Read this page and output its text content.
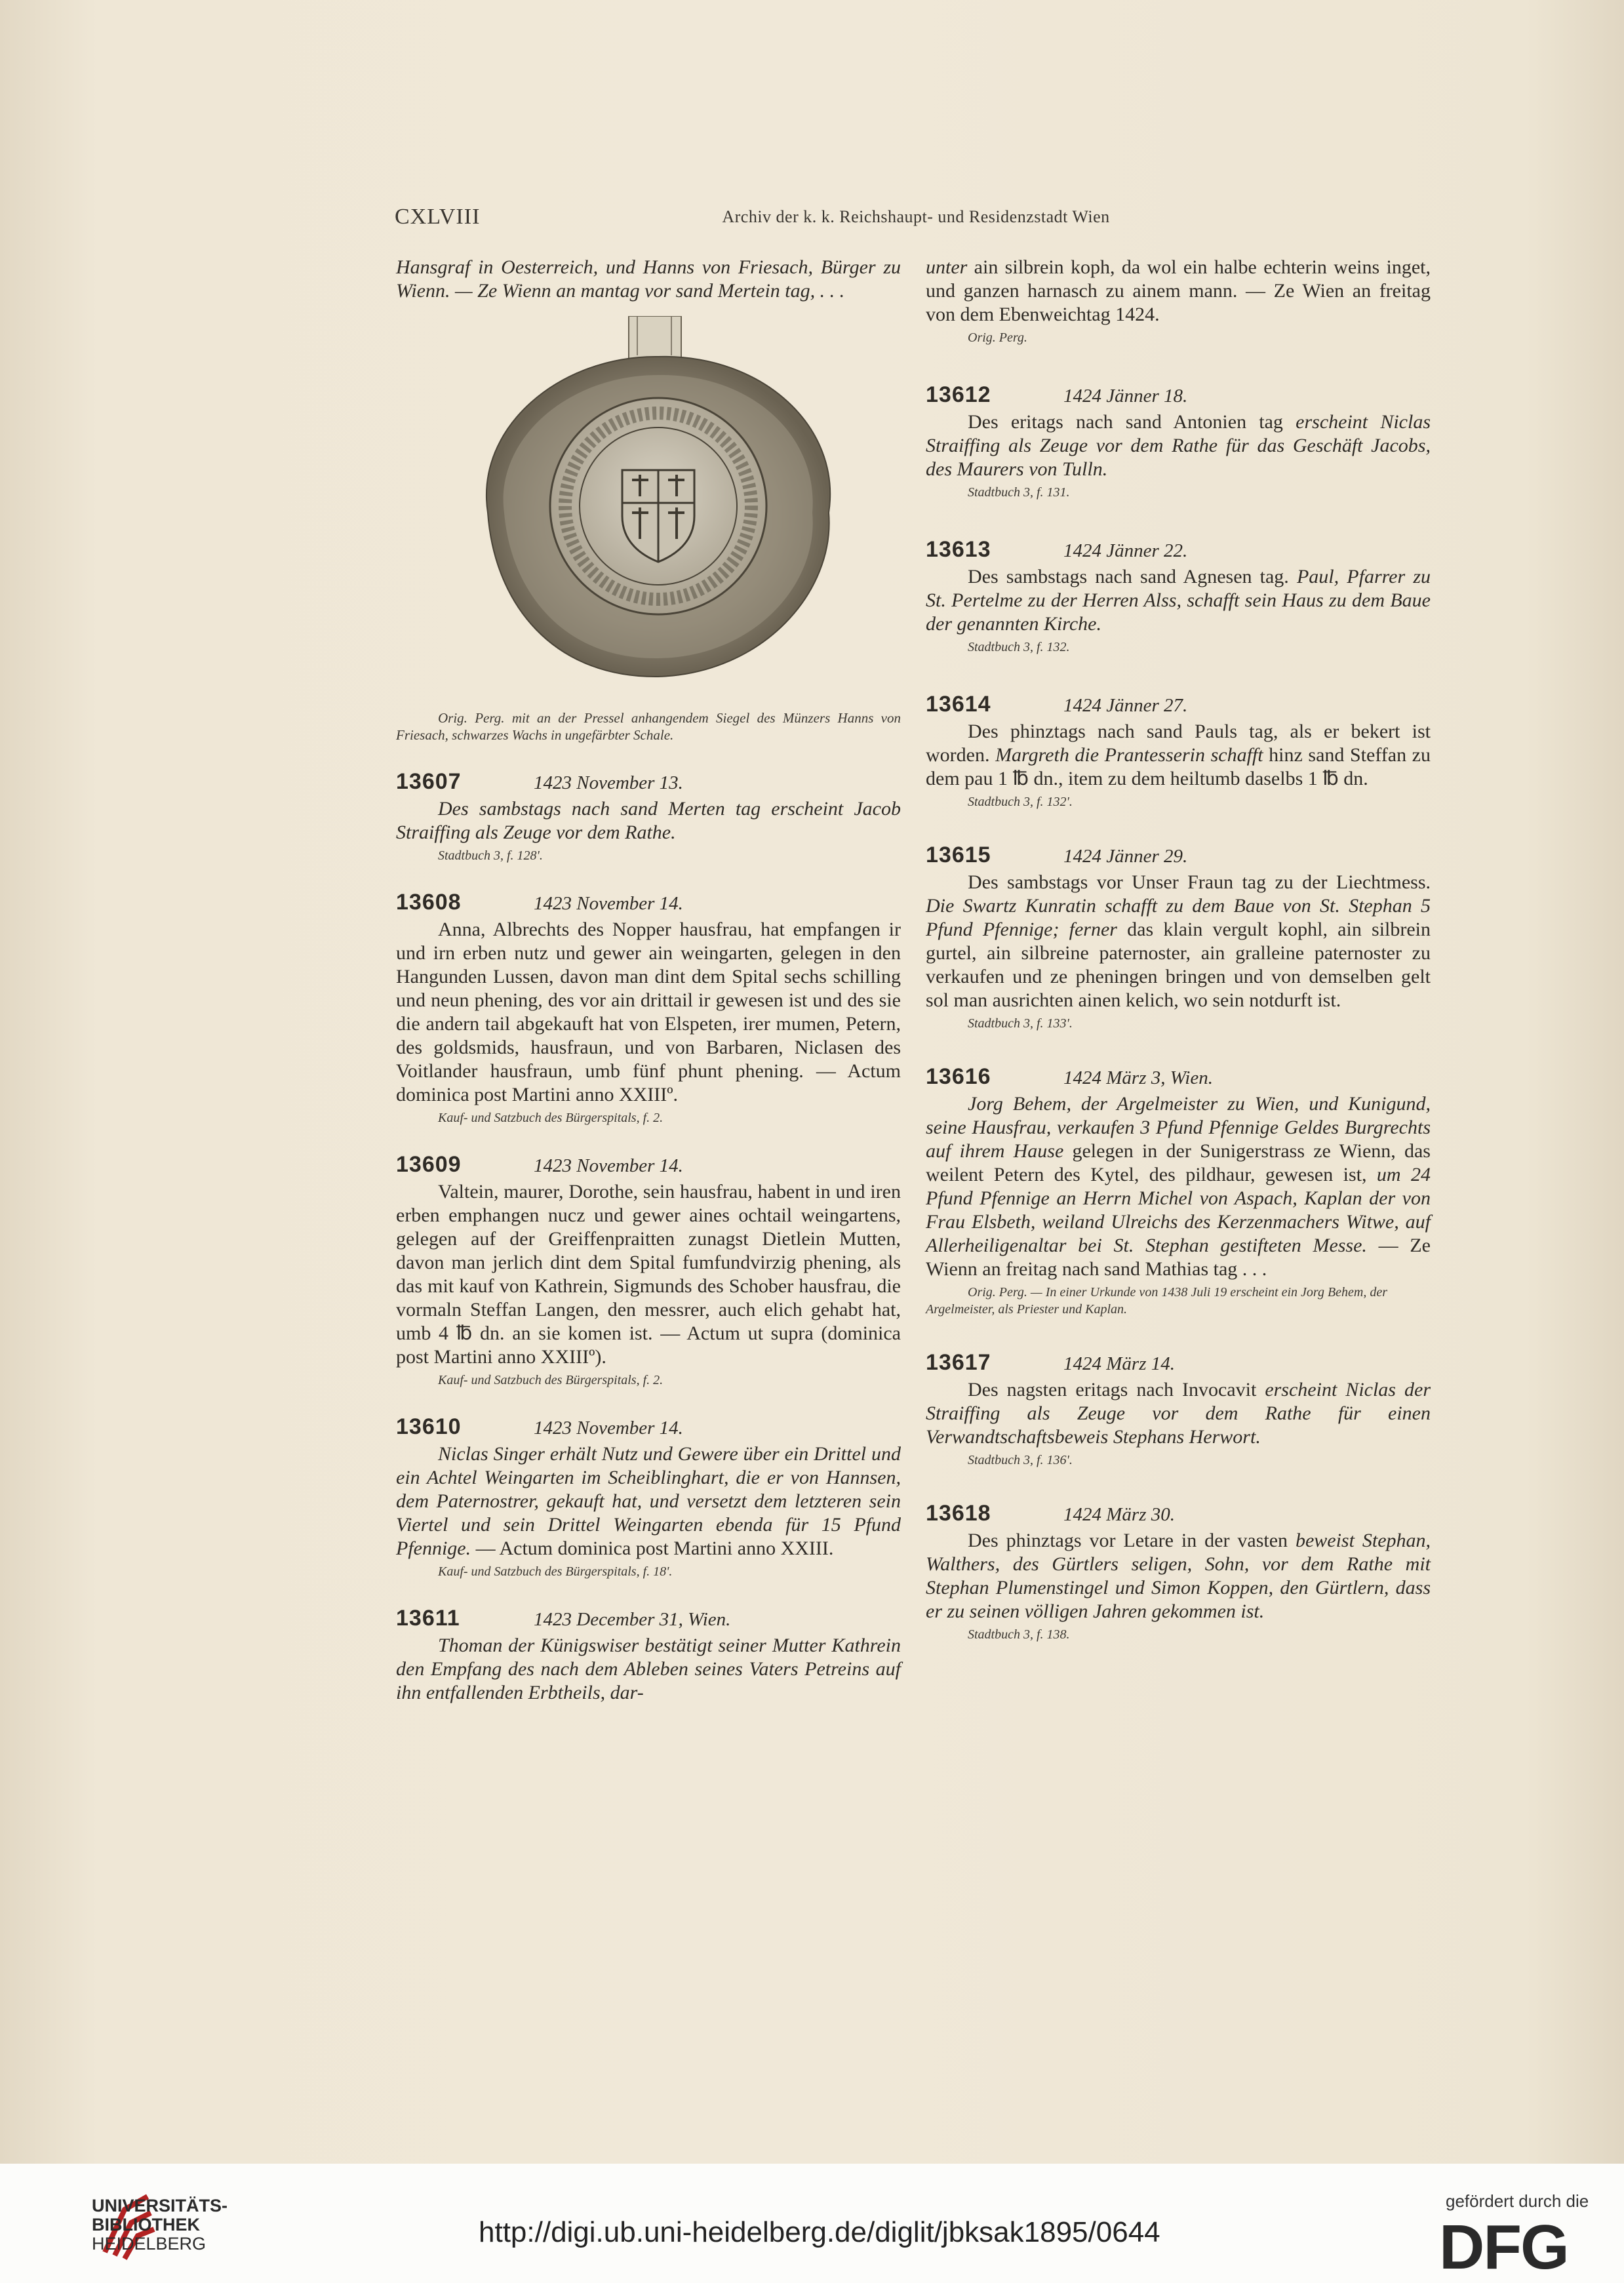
CXLVIII	Archiv der k. k. Reichshaupt- und Residenzstadt Wien

Hansgraf in Oesterreich, und Hanns von Friesach, Bürger zu Wienn. — Ze Wienn an mantag vor sand Mertein tag, . . .

Orig. Perg. mit an der Pressel anhangendem Siegel des Münzers Hanns von Friesach, schwarzes Wachs in ungefärbter Schale.

13607	1423 November 13.

Des sambstags nach sand Merten tag erscheint Jacob Straiffing als Zeuge vor dem Rathe.

Stadtbuch 3, f. 128'.
13608	1423 November 14.

Anna, Albrechts des Nopper hausfrau, hat empfangen ir und irn erben nutz und gewer ain weingarten, gelegen in den Hangunden Lussen, davon man dint dem Spital sechs schilling und neun phening, des vor ain drittail ir gewesen ist und des sie die andern tail abgekauft hat von Elspeten, irer mumen, Petern, des goldsmids, hausfraun, und von Barbaren, Niclasen des Voitlander hausfraun, umb fünf phunt phening. — Actum dominica post Martini anno XXIIIº.

Kauf- und Satzbuch des Bürgerspitals, f. 2.
13609	1423 November 14.

Valtein, maurer, Dorothe, sein hausfrau, habent in und iren erben emphangen nucz und gewer aines ochtail weingartens, gelegen auf der Greiffenpraitten zunagst Dietlein Mutten, davon man jerlich dint dem Spital fumfundvirzig phening, als das mit kauf von Kathrein, Sigmunds des Schober hausfrau, die vormaln Steffan Langen, den messrer, auch elich gehabt hat, umb 4 ℔ dn. an sie komen ist. — Actum ut supra (dominica post Martini anno XXIIIº).

Kauf- und Satzbuch des Bürgerspitals, f. 2.
13610	1423 November 14.

Niclas Singer erhält Nutz und Gewere über ein Drittel und ein Achtel Weingarten im Scheiblinghart, die er von Hannsen, dem Paternostrer, gekauft hat, und versetzt dem letzteren sein Viertel und sein Drittel Weingarten ebenda für 15 Pfund Pfennige. — Actum dominica post Martini anno XXIII.

Kauf- und Satzbuch des Bürgerspitals, f. 18'.
13611	1423 December 31, Wien.

Thoman der Künigswiser bestätigt seiner Mutter Kathrein den Empfang des nach dem Ableben seines Vaters Petreins auf ihn entfallenden Erbtheils, dar-

unter ain silbrein koph, da wol ein halbe echterin weins inget, und ganzen harnasch zu ainem mann. — Ze Wien an freitag von dem Ebenweichtag 1424.

Orig. Perg.
13612	1424 Jänner 18.

Des eritags nach sand Antonien tag erscheint Niclas Straiffing als Zeuge vor dem Rathe für das Geschäft Jacobs, des Maurers von Tulln.

Stadtbuch 3, f. 131.
13613	1424 Jänner 22.

Des sambstags nach sand Agnesen tag. Paul, Pfarrer zu St. Pertelme zu der Herren Alss, schafft sein Haus zu dem Baue der genannten Kirche.

Stadtbuch 3, f. 132.
13614	1424 Jänner 27.

Des phinztags nach sand Pauls tag, als er bekert ist worden. Margreth die Prantesserin schafft hinz sand Steffan zu dem pau 1 ℔ dn., item zu dem heiltumb daselbs 1 ℔ dn.

Stadtbuch 3, f. 132'.
13615	1424 Jänner 29.

Des sambstags vor Unser Fraun tag zu der Liechtmess. Die Swartz Kunratin schafft zu dem Baue von St. Stephan 5 Pfund Pfennige; ferner das klain vergult kophl, ain silbrein gurtel, ain silbreine paternoster, ain gralleine paternoster zu verkaufen und ze pheningen bringen und von demselben gelt sol man ausrichten ainen kelich, wo sein notdurft ist.

Stadtbuch 3, f. 133'.
13616	1424 März 3, Wien.

Jorg Behem, der Argelmeister zu Wien, und Kunigund, seine Hausfrau, verkaufen 3 Pfund Pfennige Geldes Burgrechts auf ihrem Hause gelegen in der Sunigerstrass ze Wienn, das weilent Petern des Kytel, des pildhaur, gewesen ist, um 24 Pfund Pfennige an Herrn Michel von Aspach, Kaplan der von Frau Elsbeth, weiland Ulreichs des Kerzenmachers Witwe, auf Allerheiligenaltar bei St. Stephan gestifteten Messe. — Ze Wienn an freitag nach sand Mathias tag . . .

Orig. Perg. — In einer Urkunde von 1438 Juli 19 erscheint ein Jorg Behem, der Argelmeister, als Priester und Kaplan.
13617	1424 März 14.

Des nagsten eritags nach Invocavit erscheint Niclas der Straiffing als Zeuge vor dem Rathe für einen Verwandtschaftsbeweis Stephans Herwort.

Stadtbuch 3, f. 136'.
13618	1424 März 30.

Des phinztags vor Letare in der vasten beweist Stephan, Walthers, des Gürtlers seligen, Sohn, vor dem Rathe mit Stephan Plumenstingel und Simon Koppen, den Gürtlern, dass er zu seinen völligen Jahren gekommen ist.

Stadtbuch 3, f. 138.
UNIVERSITÄTS-
BIBLIOTHEK
HEIDELBERG	http://digi.ub.uni-heidelberg.de/diglit/jbksak1895/0644
gefördert durch die
DFG
